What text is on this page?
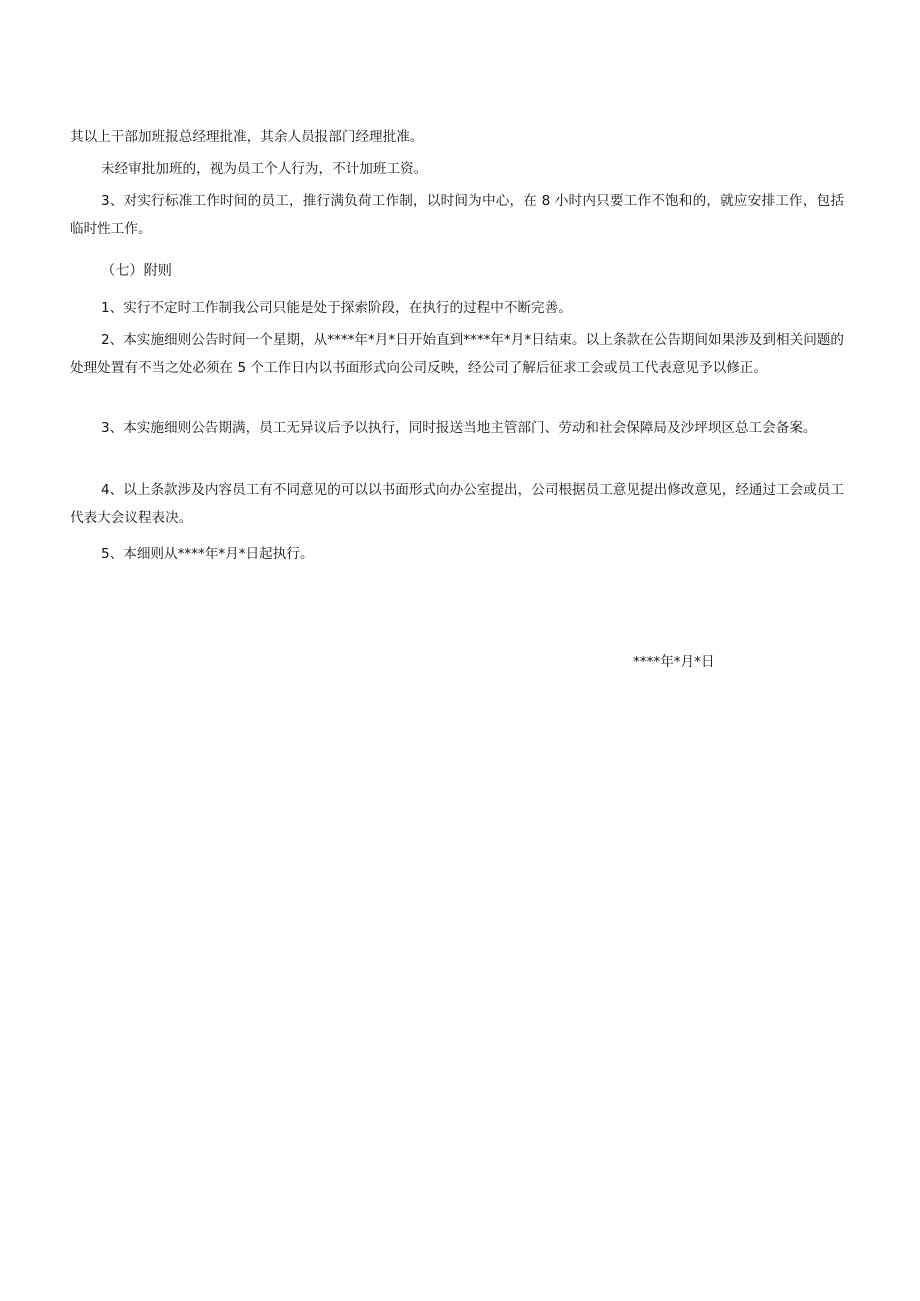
其以上干部加班报总经理批准，其余人员报部门经理批准。

未经审批加班的，视为员工个人行为，不计加班工资。

3、对实行标准工作时间的员工，推行满负荷工作制，以时间为中心，在 8 小时内只要工作不饱和的，就应安排工作，包括临时性工作。

（七）附则

1、实行不定时工作制我公司只能是处于探索阶段，在执行的过程中不断完善。

2、本实施细则公告时间一个星期，从****年*月*日开始直到****年*月*日结束。以上条款在公告期间如果涉及到相关问题的处理处置有不当之处必须在 5 个工作日内以书面形式向公司反映，经公司了解后征求工会或员工代表意见予以修正。

3、本实施细则公告期满，员工无异议后予以执行，同时报送当地主管部门、劳动和社会保障局及沙坪坝区总工会备案。

4、以上条款涉及内容员工有不同意见的可以以书面形式向办公室提出，公司根据员工意见提出修改意见，经通过工会或员工代表大会议程表决。

5、本细则从****年*月*日起执行。

****年*月*日
